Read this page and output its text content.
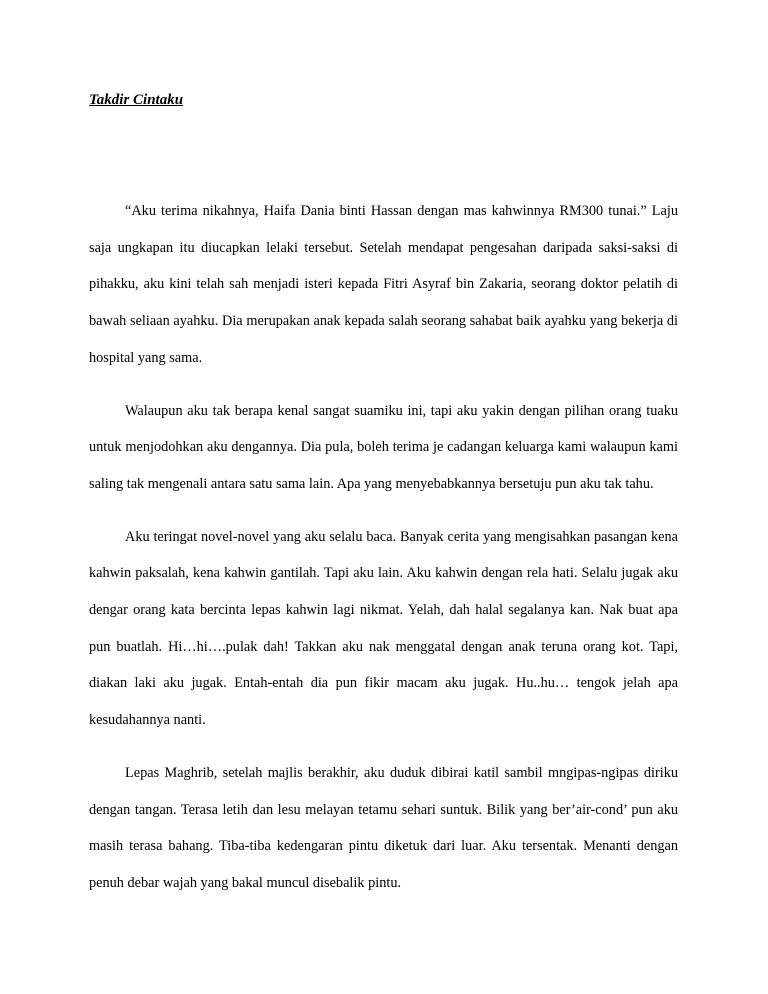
Takdir Cintaku

“Aku terima nikahnya, Haifa Dania binti Hassan dengan mas kahwinnya RM300 tunai.” Laju saja ungkapan itu diucapkan lelaki tersebut. Setelah mendapat pengesahan daripada saksi-saksi di pihakku, aku kini telah sah menjadi isteri kepada Fitri Asyraf bin Zakaria, seorang doktor pelatih di bawah seliaan ayahku. Dia merupakan anak kepada salah seorang sahabat baik ayahku yang bekerja di hospital yang sama.

Walaupun aku tak berapa kenal sangat suamiku ini, tapi aku yakin dengan pilihan orang tuaku untuk menjodohkan aku dengannya. Dia pula, boleh terima je cadangan keluarga kami walaupun kami saling tak mengenali antara satu sama lain. Apa yang menyebabkannya bersetuju pun aku tak tahu.

Aku teringat novel-novel yang aku selalu baca. Banyak cerita yang mengisahkan pasangan kena kahwin paksalah, kena kahwin gantilah. Tapi aku lain. Aku kahwin dengan rela hati. Selalu jugak aku dengar orang kata bercinta lepas kahwin lagi nikmat. Yelah, dah halal segalanya kan. Nak buat apa pun buatlah. Hi…hi….pulak dah! Takkan aku nak menggatal dengan anak teruna orang kot. Tapi, diakan laki aku jugak. Entah-entah dia pun fikir macam aku jugak. Hu..hu… tengok jelah apa kesudahannya nanti.

Lepas Maghrib, setelah majlis berakhir, aku duduk dibirai katil sambil mngipas-ngipas diriku dengan tangan. Terasa letih dan lesu melayan tetamu sehari suntuk. Bilik yang ber’air-cond’ pun aku masih terasa bahang. Tiba-tiba kedengaran pintu diketuk dari luar. Aku tersentak. Menanti dengan penuh debar wajah yang bakal muncul disebalik pintu.
